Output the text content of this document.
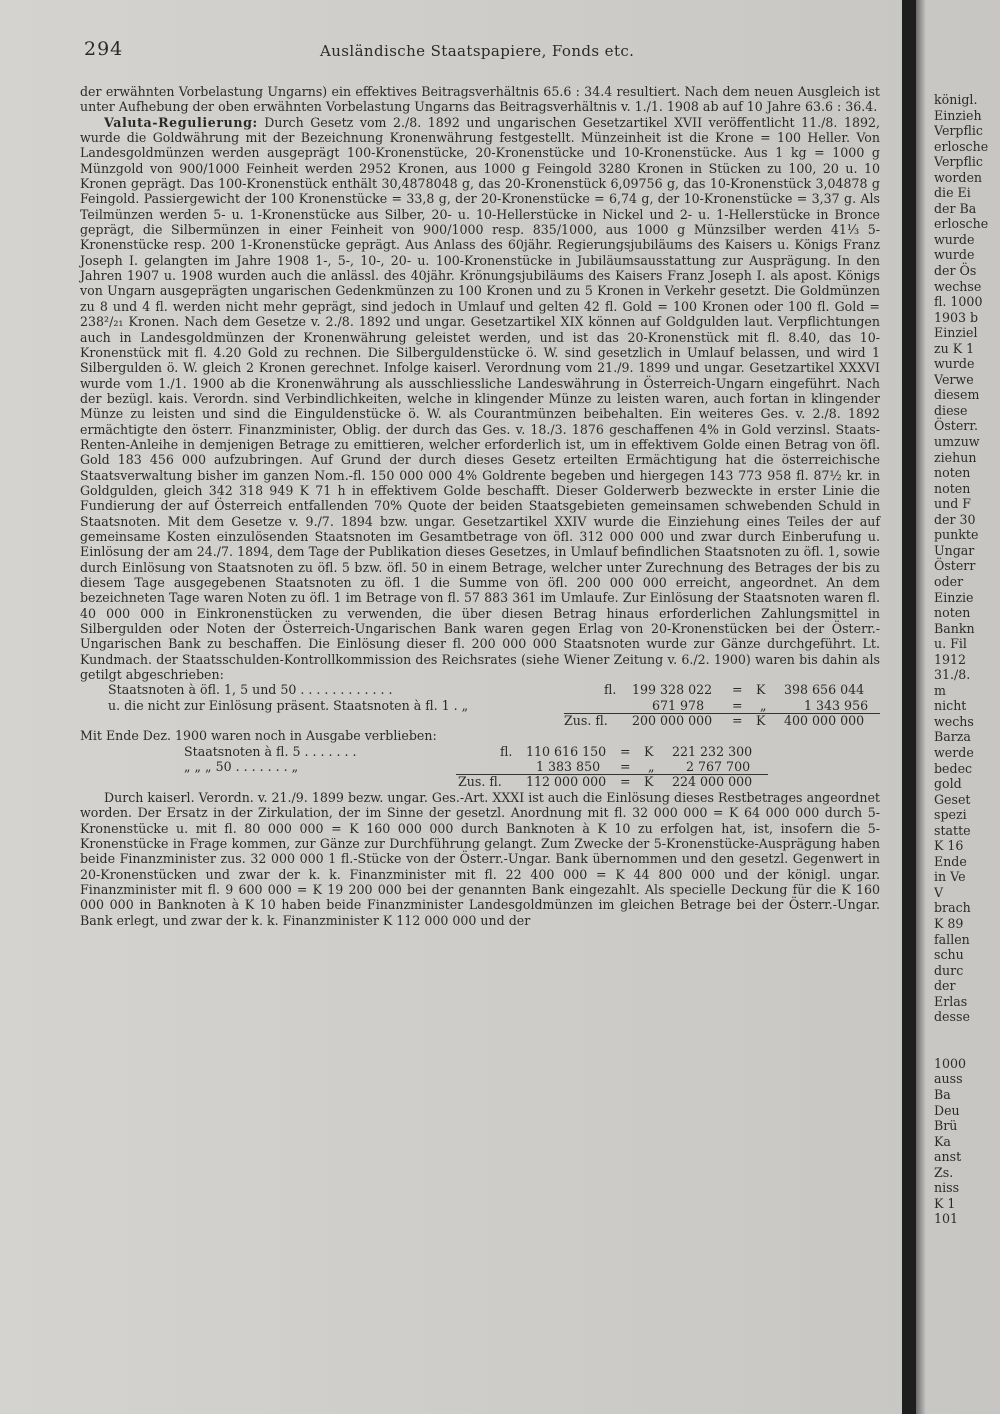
294	Ausländische Staatspapiere, Fonds etc.

der erwähnten Vorbelastung Ungarns) ein effektives Beitragsverhältnis 65.6 : 34.4 resultiert. Nach dem neuen Ausgleich ist unter Aufhebung der oben erwähnten Vorbelastung Ungarns das Beitragsverhältnis v. 1./1. 1908 ab auf 10 Jahre 63.6 : 36.4.

Valuta-Regulierung: Durch Gesetz vom 2./8. 1892 und ungarischen Gesetzartikel XVII veröffentlicht 11./8. 1892, wurde die Goldwährung mit der Bezeichnung Kronenwährung festgestellt. Münzeinheit ist die Krone = 100 Heller. Von Landesgoldmünzen werden ausgeprägt 100-Kronenstücke, 20-Kronenstücke und 10-Kronenstücke. Aus 1 kg = 1000 g Münzgold von 900/1000 Feinheit werden 2952 Kronen, aus 1000 g Feingold 3280 Kronen in Stücken zu 100, 20 u. 10 Kronen geprägt. Das 100-Kronenstück enthält 30,4878048 g, das 20-Kronenstück 6,09756 g, das 10-Kronenstück 3,04878 g Feingold. Passiergewicht der 100 Kronenstücke = 33,8 g, der 20-Kronenstücke = 6,74 g, der 10-Kronenstücke = 3,37 g. Als Teilmünzen werden 5- u. 1-Kronenstücke aus Silber, 20- u. 10-Hellerstücke in Nickel und 2- u. 1-Hellerstücke in Bronce geprägt, die Silbermünzen in einer Feinheit von 900/1000 resp. 835/1000, aus 1000 g Münzsilber werden 41⅓ 5-Kronenstücke resp. 200 1-Kronenstücke geprägt. Aus Anlass des 60jähr. Regierungsjubiläums des Kaisers u. Königs Franz Joseph I. gelangten im Jahre 1908 1-, 5-, 10-, 20- u. 100-Kronenstücke in Jubiläumsausstattung zur Ausprägung. In den Jahren 1907 u. 1908 wurden auch die anlässl. des 40jähr. Krönungsjubiläums des Kaisers Franz Joseph I. als apost. Königs von Ungarn ausgeprägten ungarischen Gedenkmünzen zu 100 Kronen und zu 5 Kronen in Verkehr gesetzt. Die Goldmünzen zu 8 und 4 fl. werden nicht mehr geprägt, sind jedoch in Umlauf und gelten 42 fl. Gold = 100 Kronen oder 100 fl. Gold = 238²/₂₁ Kronen. Nach dem Gesetze v. 2./8. 1892 und ungar. Gesetzartikel XIX können auf Goldgulden laut. Verpflichtungen auch in Landesgoldmünzen der Kronenwährung geleistet werden, und ist das 20-Kronenstück mit fl. 8.40, das 10-Kronenstück mit fl. 4.20 Gold zu rechnen. Die Silberguldenstücke ö. W. sind gesetzlich in Umlauf belassen, und wird 1 Silbergulden ö. W. gleich 2 Kronen gerechnet. Infolge kaiserl. Verordnung vom 21./9. 1899 und ungar. Gesetzartikel XXXVI wurde vom 1./1. 1900 ab die Kronenwährung als ausschliessliche Landeswährung in Österreich-Ungarn eingeführt. Nach der bezügl. kais. Verordn. sind Verbindlichkeiten, welche in klingender Münze zu leisten waren, auch fortan in klingender Münze zu leisten und sind die Einguldenstücke ö. W. als Courantmünzen beibehalten. Ein weiteres Ges. v. 2./8. 1892 ermächtigte den österr. Finanzminister, Oblig. der durch das Ges. v. 18./3. 1876 geschaffenen 4% in Gold verzinsl. Staats-Renten-Anleihe in demjenigen Betrage zu emittieren, welcher erforderlich ist, um in effektivem Golde einen Betrag von öfl. Gold 183 456 000 aufzubringen. Auf Grund der durch dieses Gesetz erteilten Ermächtigung hat die österreichische Staatsverwaltung bisher im ganzen Nom.-fl. 150 000 000 4% Goldrente begeben und hiergegen 143 773 958 fl. 87½ kr. in Goldgulden, gleich 342 318 949 K 71 h in effektivem Golde beschafft. Dieser Golderwerb bezweckte in erster Linie die Fundierung der auf Österreich entfallenden 70% Quote der beiden Staatsgebieten gemeinsamen schwebenden Schuld in Staatsnoten. Mit dem Gesetze v. 9./7. 1894 bzw. ungar. Gesetzartikel XXIV wurde die Einziehung eines Teiles der auf gemeinsame Kosten einzulösenden Staatsnoten im Gesamtbetrage von öfl. 312 000 000 und zwar durch Einberufung u. Einlösung der am 24./7. 1894, dem Tage der Publikation dieses Gesetzes, in Umlauf befindlichen Staatsnoten zu öfl. 1, sowie durch Einlösung von Staatsnoten zu öfl. 5 bzw. öfl. 50 in einem Betrage, welcher unter Zurechnung des Betrages der bis zu diesem Tage ausgegebenen Staatsnoten zu öfl. 1 die Summe von öfl. 200 000 000 erreicht, angeordnet. An dem bezeichneten Tage waren Noten zu öfl. 1 im Betrage von fl. 57 883 361 im Umlaufe. Zur Einlösung der Staatsnoten waren fl. 40 000 000 in Einkronenstücken zu verwenden, die über diesen Betrag hinaus erforderlichen Zahlungsmittel in Silbergulden oder Noten der Österreich-Ungarischen Bank waren gegen Erlag von 20-Kronenstücken bei der Österr.-Ungarischen Bank zu beschaffen. Die Einlösung dieser fl. 200 000 000 Staatsnoten wurde zur Gänze durchgeführt. Lt. Kundmach. der Staatsschulden-Kontrollkommission des Reichsrates (siehe Wiener Zeitung v. 6./2. 1900) waren bis dahin als getilgt abgeschrieben:

Staatsnoten à öfl. 1, 5 und 50 . . . . . . . . . . . .	fl. 199 328 022 = K 398 656 044
u. die nicht zur Einlösung präsent. Staatsnoten à fl. 1 . „	671 978 = „	1 343 956
Zus. fl. 200 000 000 = K 400 000 000

Mit Ende Dez. 1900 waren noch in Ausgabe verblieben:

Staatsnoten à fl. 5 . . . . . . .	fl. 110 616 150 = K 221 232 300
„ „ „ 50 . . . . . . . „	1 383 850 = „ 2 767 700
Zus. fl. 112 000 000 = K 224 000 000

Durch kaiserl. Verordn. v. 21./9. 1899 bezw. ungar. Ges.-Art. XXXI ist auch die Einlösung dieses Restbetrages angeordnet worden. Der Ersatz in der Zirkulation, der im Sinne der gesetzl. Anordnung mit fl. 32 000 000 = K 64 000 000 durch 5-Kronenstücke u. mit fl. 80 000 000 = K 160 000 000 durch Banknoten à K 10 zu erfolgen hat, ist, insofern die 5-Kronenstücke in Frage kommen, zur Gänze zur Durchführung gelangt. Zum Zwecke der 5-Kronenstücke-Ausprägung haben beide Finanzminister zus. 32 000 000 1 fl.-Stücke von der Österr.-Ungar. Bank übernommen und den gesetzl. Gegenwert in 20-Kronenstücken und zwar der k. k. Finanzminister mit fl. 22 400 000 = K 44 800 000 und der königl. ungar. Finanzminister mit fl. 9 600 000 = K 19 200 000 bei der genannten Bank eingezahlt. Als specielle Deckung für die K 160 000 000 in Banknoten à K 10 haben beide Finanzminister Landesgoldmünzen im gleichen Betrage bei der Österr.-Ungar. Bank erlegt, und zwar der k. k. Finanzminister K 112 000 000 und der

königl.
Einzieh
Verpflic
erlosche
Verpflic
worden
die Ei
der Ba
erlosche
wurde
wurde
der Ös
wechse
fl. 1000
1903 b
Einziel
zu K 1
wurde
Verwe
diesem
diese
Österr.
umzuw
ziehun
noten
noten
und F
der 30
punkte
Ungar
Österr
oder
Einzie
noten
Bankn
u. Fil
1912
31./8.
m
nicht
wechs
Barza
werde
bedec
gold
Geset
spezi
statte
K 16
Ende
in Ve
V
brach
K 89
fallen
schu
durc
der
Erlas
desse
1000
auss
Ba
Deu
Brü
Ka
anst
Zs.
niss
K 1
101
